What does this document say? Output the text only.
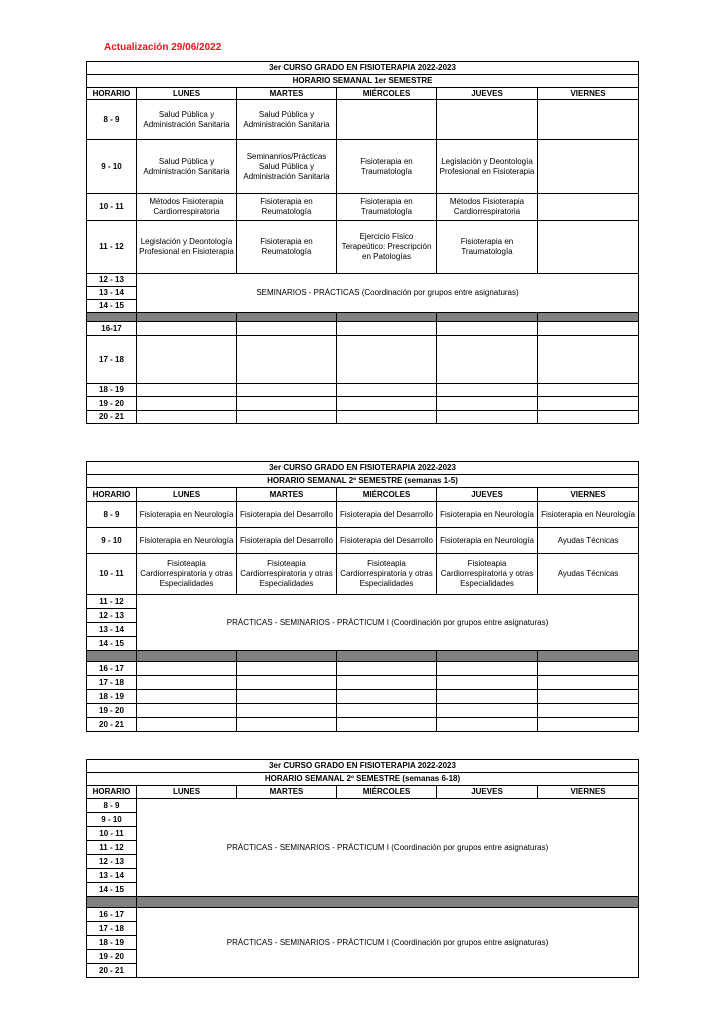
Actualización 29/06/2022
3er CURSO GRADO EN FISIOTERAPIA 2022-2023					
HORARIO SEMANAL 1er SEMESTRE					
HORARIO	LUNES	MARTES	MIÉRCOLES	JUEVES	VIERNES
8 - 9	Salud Pública y Administración Sanitaria	Salud Pública y Administración Sanitaria			
9 - 10	Salud Pública y Administración Sanitaria	Seminanrios/Prácticas Salud Pública y Administración Sanitaria	Fisioterapia en Traumatología	Legislación y Deontología Profesional en Fisioterapia	
10 - 11	Métodos Fisioterapia Cardiorrespiratoria	Fisioterapia en Reumatología	Fisioterapia en Traumatología	Métodos Fisioterapia Cardiorrespiratoria	
11 - 12	Legislación y Deontología Profesional en Fisioterapia	Fisioterapia en Reumatología	Ejercicio Físico Terapeútico: Prescripción en Patologías	Fisioterapia en Traumatología	
12 - 13	SEMINARIOS - PRÁCTICAS (Coordinación por grupos entre asignaturas)				
13 - 14					
14 - 15					

16-17					
17 - 18					
18 - 19					
19 - 20					
20 - 21					
3er CURSO GRADO EN FISIOTERAPIA 2022-2023					
HORARIO SEMANAL 2º SEMESTRE (semanas 1-5)					
HORARIO	LUNES	MARTES	MIÉRCOLES	JUEVES	VIERNES
8 - 9	Fisioterapia en Neurología	Fisioterapia del Desarrollo	Fisioterapia del Desarrollo	Fisioterapia en Neurología	Fisioterapia en Neurología
9 - 10	Fisioterapia en Neurología	Fisioterapia del Desarrollo	Fisioterapia del Desarrollo	Fisioterapia en Neurología	Ayudas Técnicas
10 - 11	Fisioteapia Cardiorrespiratoria y otras Especialidades	Fisioteapia Cardiorrespiratoria y otras Especialidades	Fisioteapia Cardiorrespiratoria y otras Especialidades	Fisioteapia Cardiorrespiratoria y otras Especialidades	Ayudas Técnicas
11 - 12	PRÁCTICAS - SEMINARIOS - PRÁCTICUM I (Coordinación por grupos entre asignaturas)				
12 - 13					
13 - 14					
14 - 15					

16 - 17					
17 - 18					
18 - 19					
19 - 20					
20 - 21					
3er CURSO GRADO EN FISIOTERAPIA 2022-2023					
HORARIO SEMANAL 2º SEMESTRE (semanas 6-18)					
HORARIO	LUNES	MARTES	MIÉRCOLES	JUEVES	VIERNES
8 - 9	PRÁCTICAS - SEMINARIOS - PRÁCTICUM I (Coordinación por grupos entre asignaturas)				
9 - 10					
10 - 11					
11 - 12					
12 - 13					
13 - 14					
14 - 15					

16 - 17	PRÁCTICAS - SEMINARIOS - PRÁCTICUM I (Coordinación por grupos entre asignaturas)				
17 - 18					
18 - 19					
19 - 20					
20 - 21					
